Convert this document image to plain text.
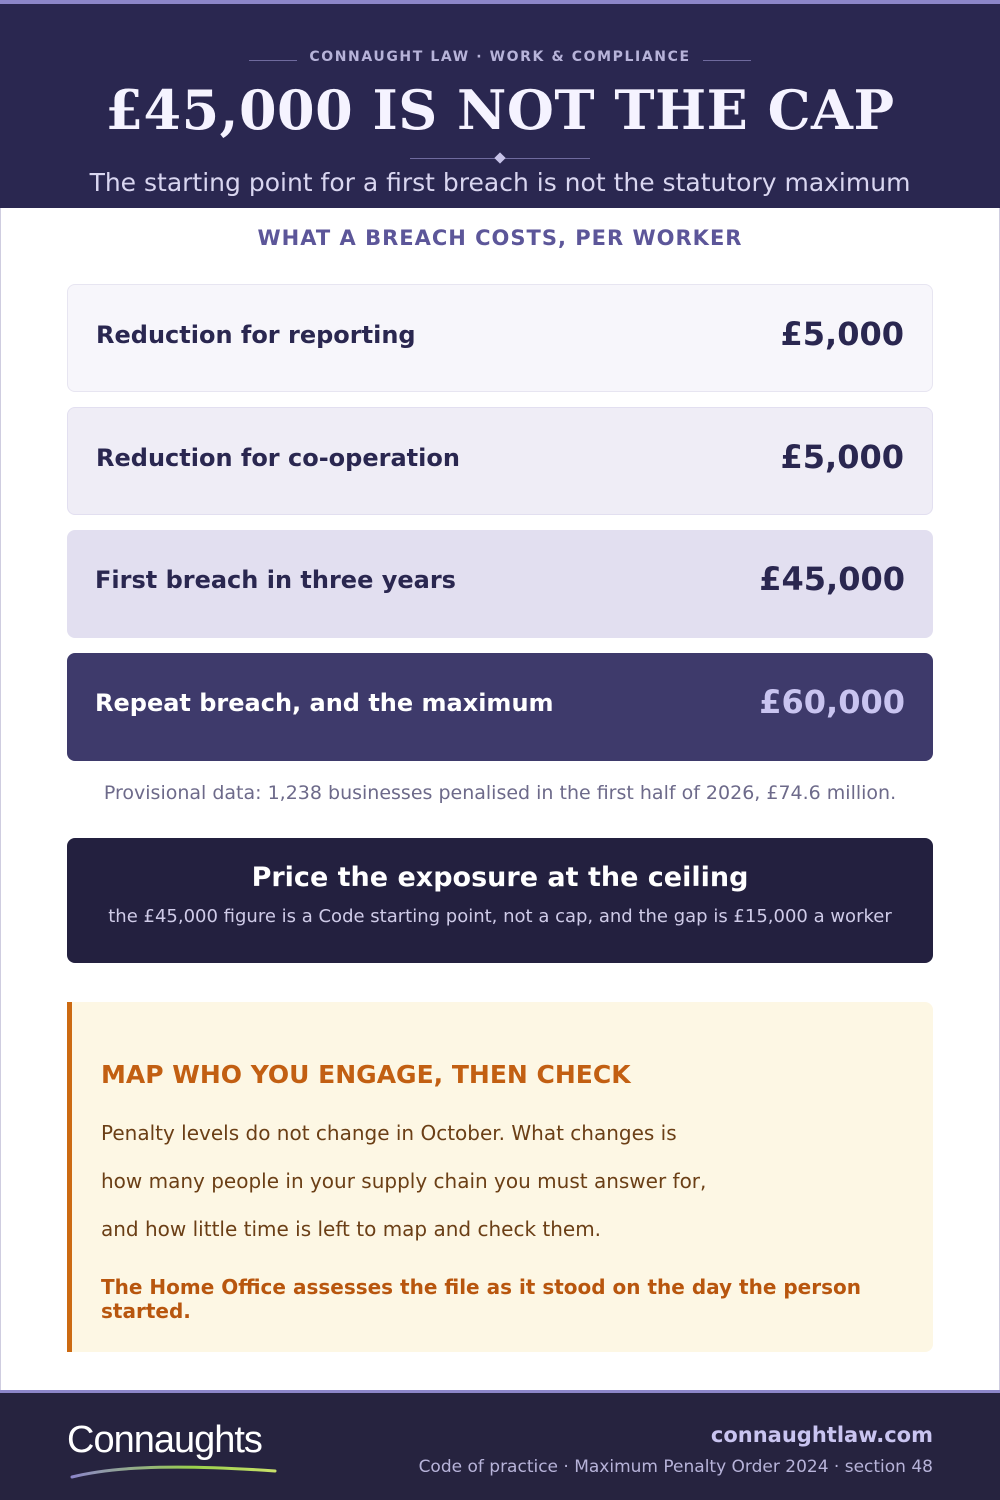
CONNAUGHT LAW · WORK & COMPLIANCE
£45,000 IS NOT THE CAP
The starting point for a first breach is not the statutory maximum
WHAT A BREACH COSTS, PER WORKER
Reduction for reporting	£5,000
Reduction for co-operation	£5,000
First breach in three years	£45,000
Repeat breach, and the maximum	£60,000
Provisional data: 1,238 businesses penalised in the first half of 2026, £74.6 million.
Price the exposure at the ceiling
the £45,000 figure is a Code starting point, not a cap, and the gap is £15,000 a worker
MAP WHO YOU ENGAGE, THEN CHECK
Penalty levels do not change in October. What changes is
how many people in your supply chain you must answer for,
and how little time is left to map and check them.
The Home Office assesses the file as it stood on the day the person started.
Connaughts	connaughtlaw.com
Code of practice · Maximum Penalty Order 2024 · section 48
